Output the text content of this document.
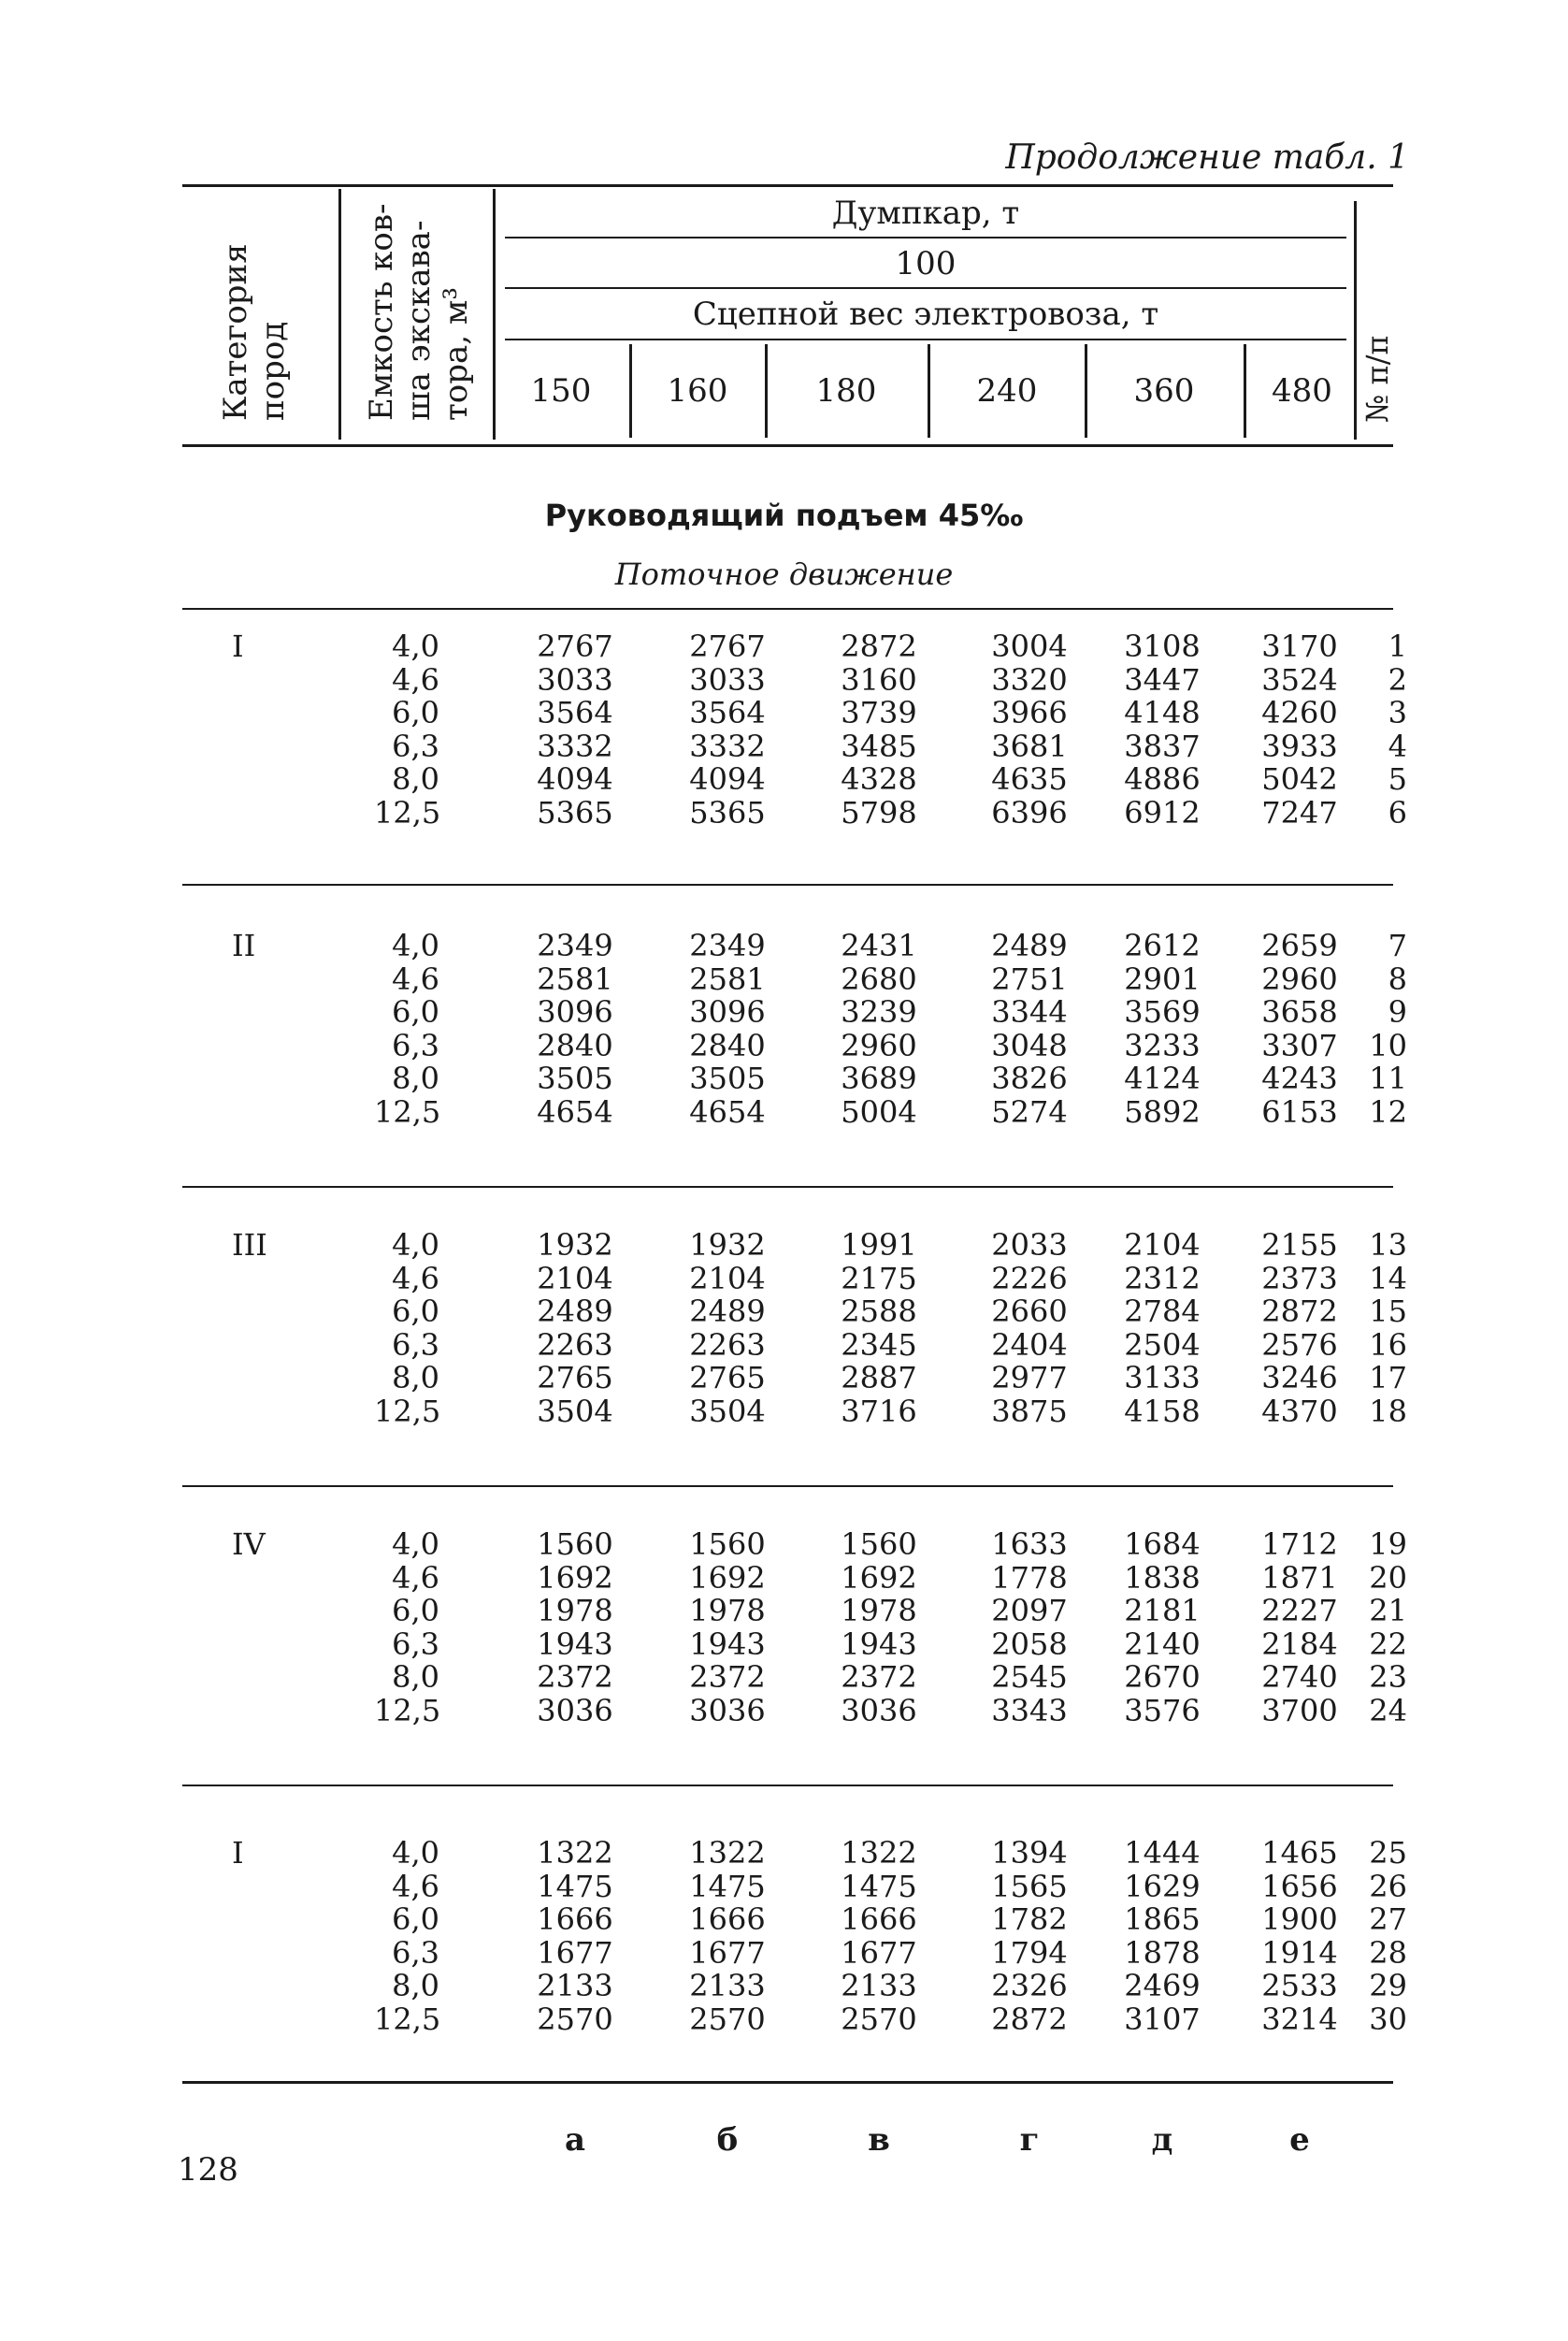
Продолжение табл. 1
Категория пород Емкость ков- ша экскава- тора, м³
Думпкар, т
100
Сцепной вес электровоза, т
150	160	180	240	360	480 № п/п
Руководящий подъем 45‰
Поточное движение
I	4,0	2767	2767	2872	3004	3108	3170	1
4,6	3033	3033	3160	3320	3447	3524	2
6,0	3564	3564	3739	3966	4148	4260	3
6,3	3332	3332	3485	3681	3837	3933	4
8,0	4094	4094	4328	4635	4886	5042	5
12,5	5365	5365	5798	6396	6912	7247	6
II	4,0	2349	2349	2431	2489	2612	2659	7
4,6	2581	2581	2680	2751	2901	2960	8
6,0	3096	3096	3239	3344	3569	3658	9
6,3	2840	2840	2960	3048	3233	3307	10
8,0	3505	3505	3689	3826	4124	4243	11
12,5	4654	4654	5004	5274	5892	6153	12
III	4,0	1932	1932	1991	2033	2104	2155	13
4,6	2104	2104	2175	2226	2312	2373	14
6,0	2489	2489	2588	2660	2784	2872	15
6,3	2263	2263	2345	2404	2504	2576	16
8,0	2765	2765	2887	2977	3133	3246	17
12,5	3504	3504	3716	3875	4158	4370	18
IV	4,0	1560	1560	1560	1633	1684	1712	19
4,6	1692	1692	1692	1778	1838	1871	20
6,0	1978	1978	1978	2097	2181	2227	21
6,3	1943	1943	1943	2058	2140	2184	22
8,0	2372	2372	2372	2545	2670	2740	23
12,5	3036	3036	3036	3343	3576	3700	24
I	4,0	1322	1322	1322	1394	1444	1465	25
4,6	1475	1475	1475	1565	1629	1656	26
6,0	1666	1666	1666	1782	1865	1900	27
6,3	1677	1677	1677	1794	1878	1914	28
8,0	2133	2133	2133	2326	2469	2533	29
12,5	2570	2570	2570	2872	3107	3214	30
а	б	в	г	д	е
128
